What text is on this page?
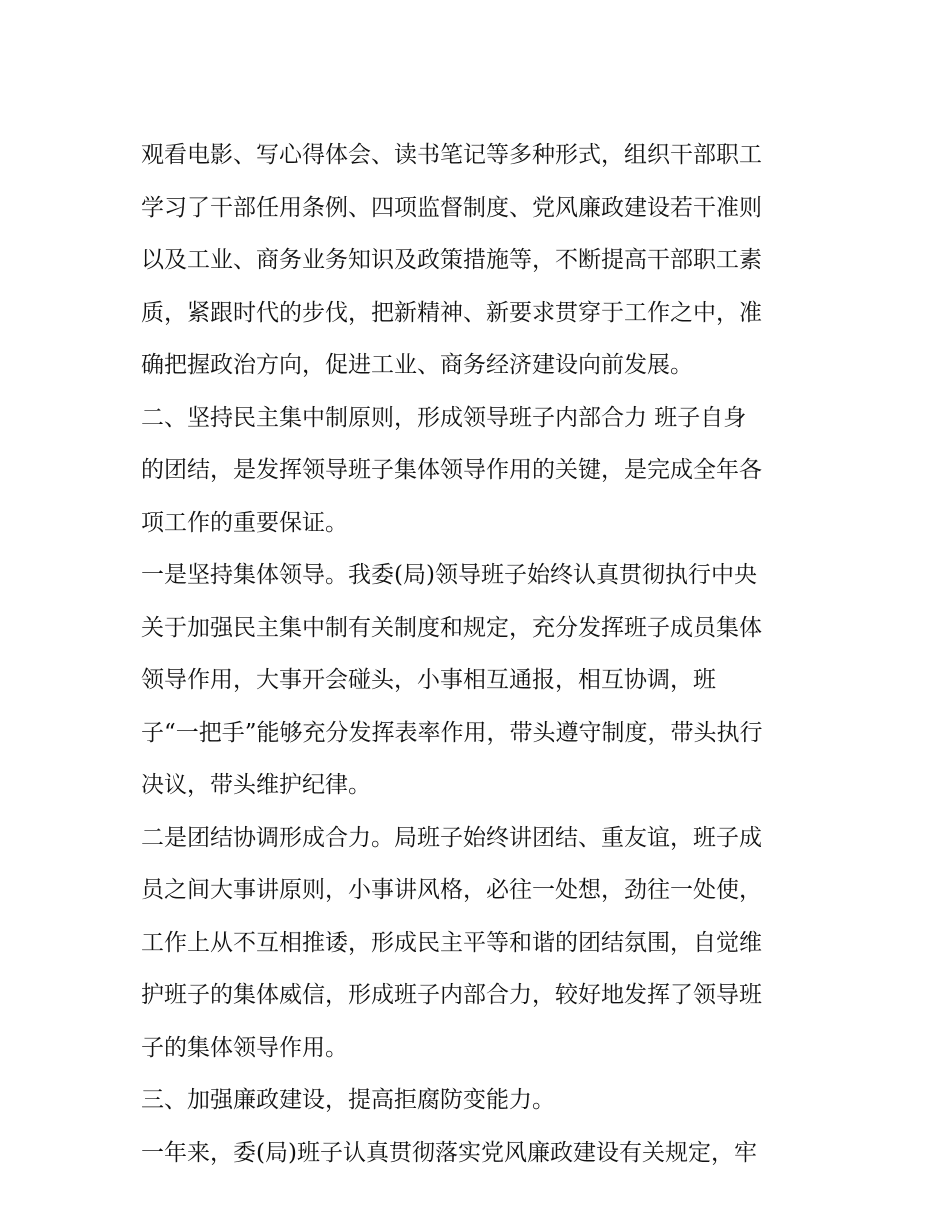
观看电影、写心得体会、读书笔记等多种形式，组织干部职工
学习了干部任用条例、四项监督制度、党风廉政建设若干准则
以及工业、商务业务知识及政策措施等，不断提高干部职工素
质，紧跟时代的步伐，把新精神、新要求贯穿于工作之中，准
确把握政治方向，促进工业、商务经济建设向前发展。
二、坚持民主集中制原则，形成领导班子内部合力 班子自身
的团结，是发挥领导班子集体领导作用的关键，是完成全年各
项工作的重要保证。
一是坚持集体领导。我委(局)领导班子始终认真贯彻执行中央
关于加强民主集中制有关制度和规定，充分发挥班子成员集体
领导作用，大事开会碰头，小事相互通报，相互协调，班
子“一把手”能够充分发挥表率作用，带头遵守制度，带头执行
决议，带头维护纪律。
二是团结协调形成合力。局班子始终讲团结、重友谊，班子成
员之间大事讲原则，小事讲风格，必往一处想，劲往一处使，
工作上从不互相推诿，形成民主平等和谐的团结氛围，自觉维
护班子的集体威信，形成班子内部合力，较好地发挥了领导班
子的集体领导作用。
三、加强廉政建设，提高拒腐防变能力。
一年来，委(局)班子认真贯彻落实党风廉政建设有关规定，牢
